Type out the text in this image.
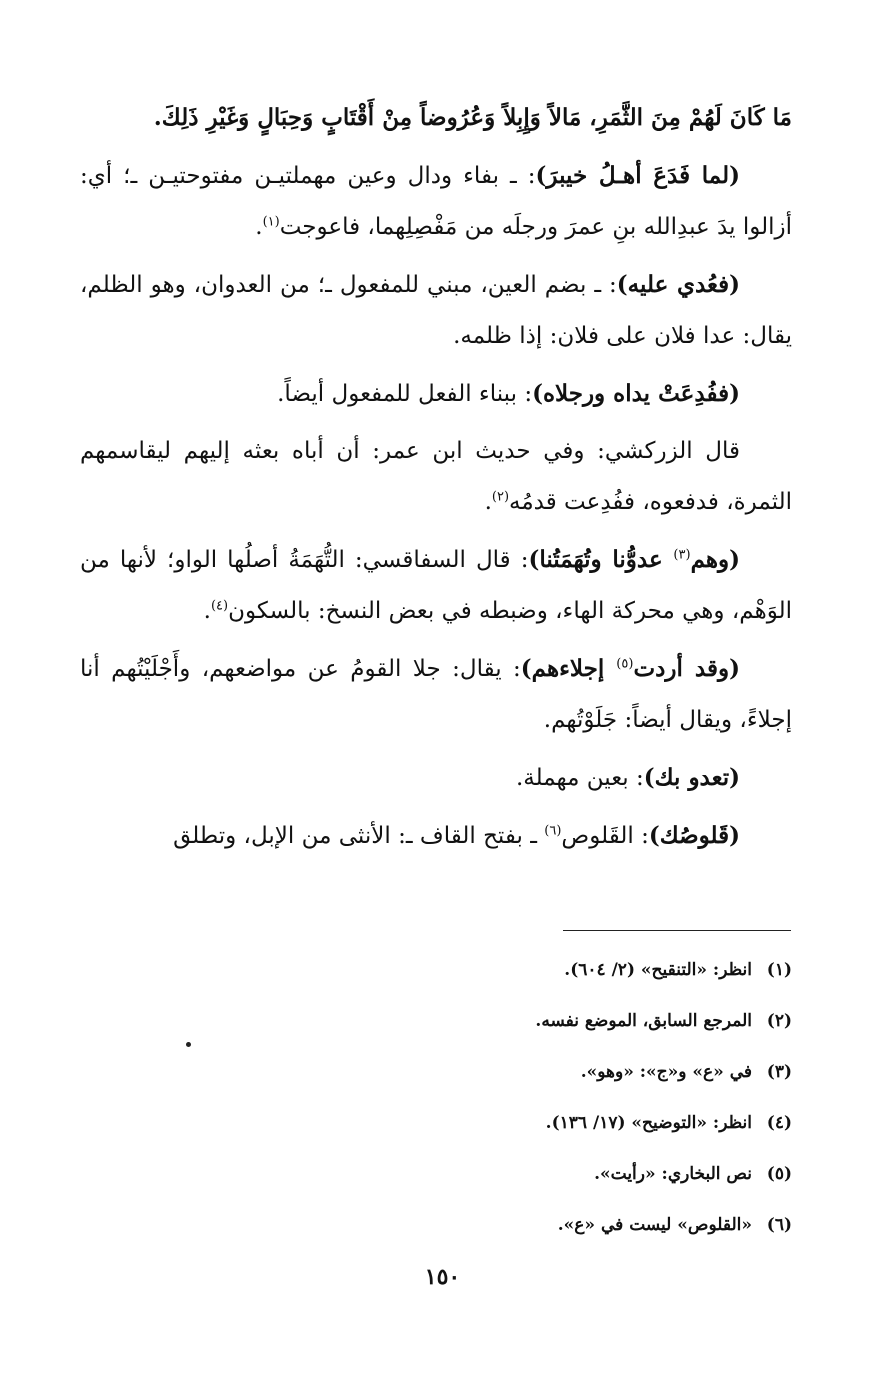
مَا كَانَ لَهُمْ مِنَ الثَّمَرِ، مَالاً وَإِبِلاً وَعُرُوضاً مِنْ أَقْتَابٍ وَحِبَالٍ وَغَيْرِ ذَلِكَ.

(لما فَدَعَ أهـلُ خيبرَ): ـ بفاء ودال وعين مهملتيـن مفتوحتيـن ـ؛ أي: أزالوا يدَ عبدِالله بنِ عمرَ ورجلَه من مَفْصِلِهما، فاعوجت$^{(١)}$.

(فعُدي عليه): ـ بضم العين، مبني للمفعول ـ؛ من العدوان، وهو الظلم، يقال: عدا فلان على فلان: إذا ظلمه.

(ففُدِعَتْ يداه ورجلاه): ببناء الفعل للمفعول أيضاً.

قال الزركشي: وفي حديث ابن عمر: أن أباه بعثه إليهم ليقاسمهم الثمرة، فدفعوه، ففُدِعت قدمُه$^{(٢)}$.

(وهم$^{(٣)}$ عدوُّنا وتُهَمَتُنا): قال السفاقسي: التُّهَمَةُ أصلُها الواو؛ لأنها من الوَهْم، وهي محركة الهاء، وضبطه في بعض النسخ: بالسكون$^{(٤)}$.

(وقد أردت$^{(٥)}$ إجلاءهم): يقال: جلا القومُ عن مواضعهم، وأَجْلَيْتُهم أنا إجلاءً، ويقال أيضاً: جَلَوْتُهم.

(تعدو بك): بعين مهملة.

(قَلوصُك): القَلوص$^{(٦)}$ ـ بفتح القاف ـ: الأنثى من الإبل، وتطلق

(١)
انظر: «التنقيح» (٢/ ٦٠٤).
(٢)
المرجع السابق، الموضع نفسه.
(٣)
في «ع» و«ج»: «وهو».
(٤)
انظر: «التوضيح» (١٧/ ١٣٦).
(٥)
نص البخاري: «رأيت».
(٦)
«القلوص» ليست في «ع».
١٥٠
